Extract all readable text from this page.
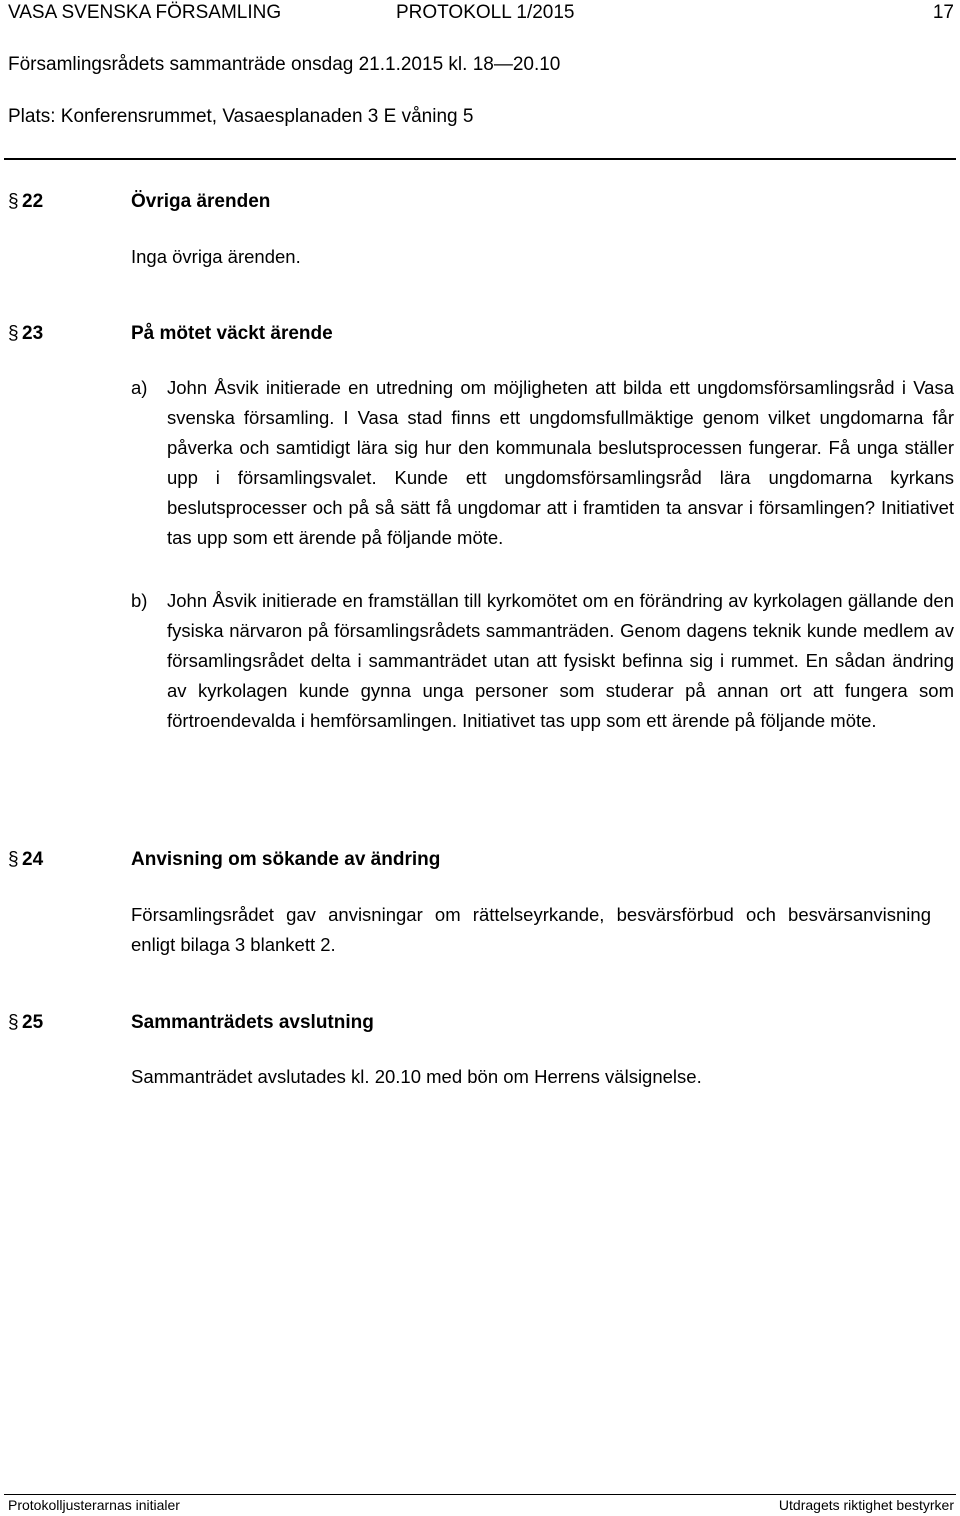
VASA SVENSKA FÖRSAMLING	PROTOKOLL 1/2015	17
Församlingsrådets sammanträde onsdag 21.1.2015 kl. 18—20.10
Plats: Konferensrummet, Vasaesplanaden 3 E våning 5
§ 22	Övriga ärenden
Inga övriga ärenden.
§ 23	På mötet väckt ärende
a) John Åsvik initierade en utredning om möjligheten att bilda ett ungdomsförsamlingsråd i Vasa svenska församling. I Vasa stad finns ett ungdomsfullmäktige genom vilket ungdomarna får påverka och samtidigt lära sig hur den kommunala beslutsprocessen fungerar. Få unga ställer upp i församlingsvalet. Kunde ett ungdomsförsamlingsråd lära ungdomarna kyrkans beslutsprocesser och på så sätt få ungdomar att i framtiden ta ansvar i församlingen? Initiativet tas upp som ett ärende på följande möte.
b) John Åsvik initierade en framställan till kyrkomötet om en förändring av kyrkolagen gällande den fysiska närvaron på församlingsrådets sammanträden. Genom dagens teknik kunde medlem av församlingsrådet delta i sammanträdet utan att fysiskt befinna sig i rummet. En sådan ändring av kyrkolagen kunde gynna unga personer som studerar på annan ort att fungera som förtroendevalda i hemförsamlingen. Initiativet tas upp som ett ärende på följande möte.
§ 24	Anvisning om sökande av ändring
Församlingsrådet gav anvisningar om rättelseyrkande, besvärsförbud och besvärsanvisning enligt bilaga 3 blankett 2.
§ 25	Sammanträdets avslutning
Sammanträdet avslutades kl. 20.10 med bön om Herrens välsignelse.
Protokolljusterarnas initialer	Utdragets riktighet bestyrker
